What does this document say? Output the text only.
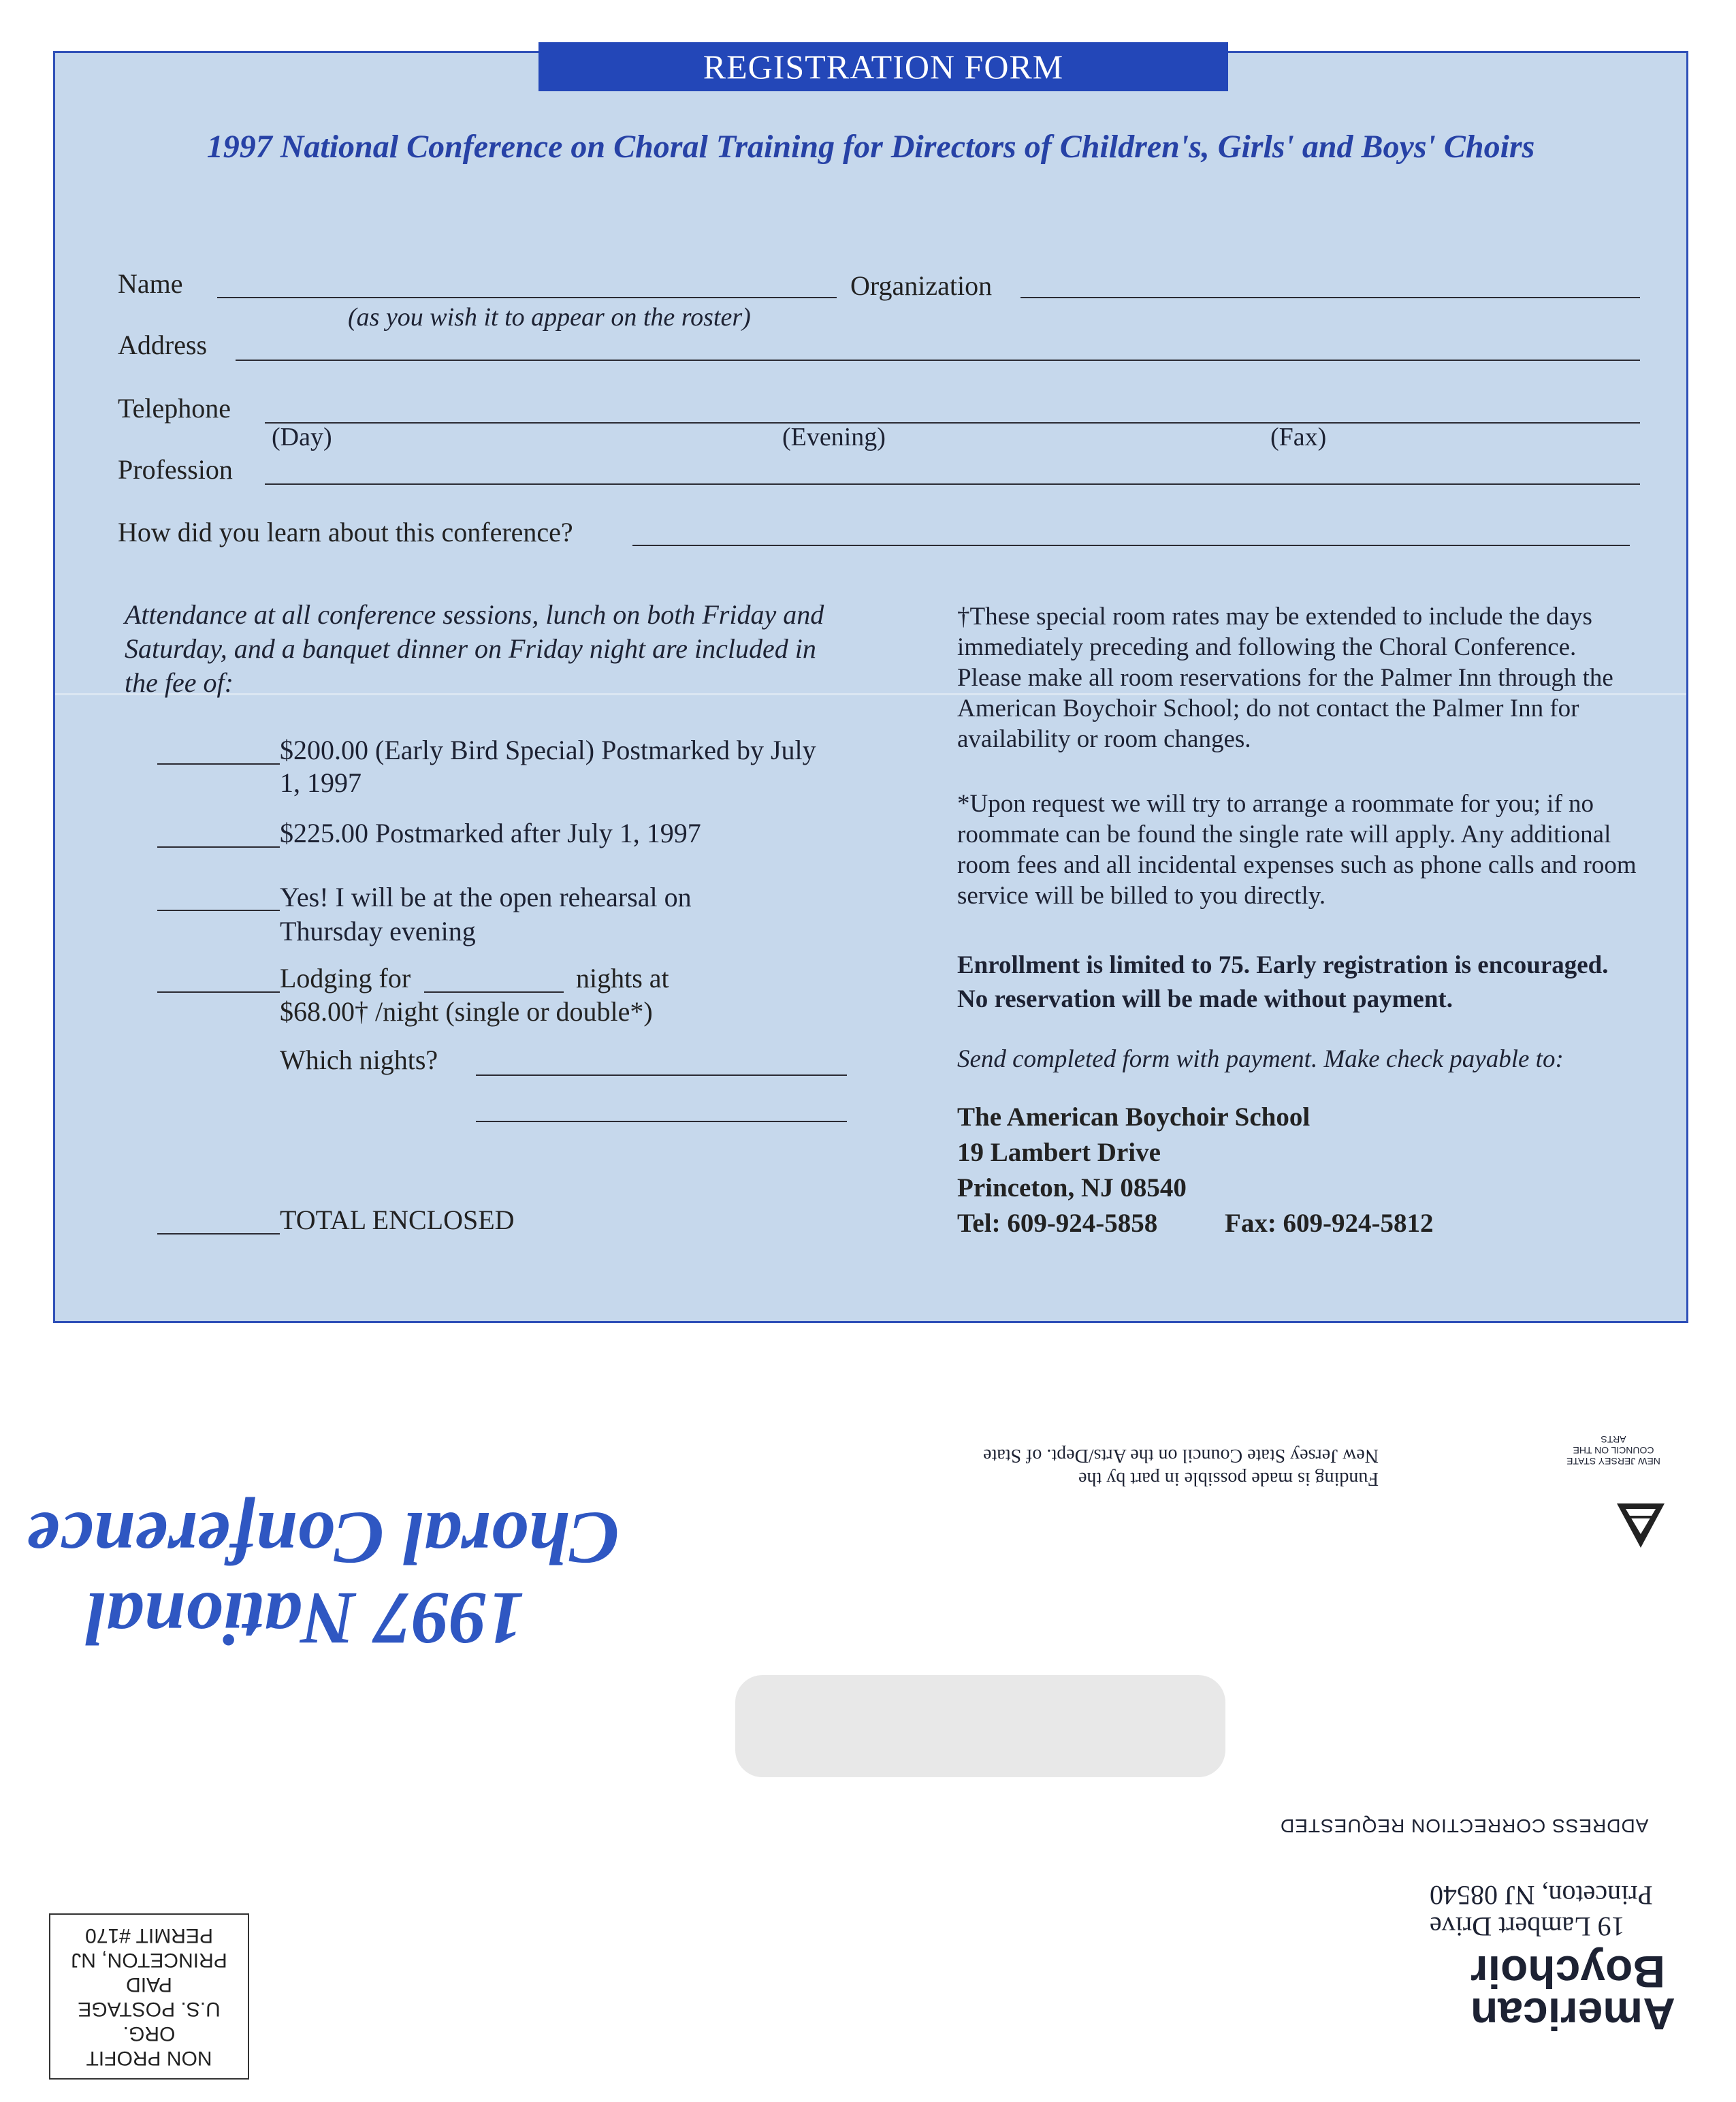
REGISTRATION FORM
1997 National Conference on Choral Training for Directors of Children's, Girls' and Boys' Choirs
Name	Organization
(as you wish it to appear on the roster)
Address
Telephone
(Day)	(Evening)	(Fax)
Profession
How did you learn about this conference?
Attendance at all conference sessions, lunch on both Friday and Saturday, and a banquet dinner on Friday night are included in the fee of:
$200.00 (Early Bird Special) Postmarked by July 1, 1997
$225.00 Postmarked after July 1, 1997
Yes! I will be at the open rehearsal on Thursday evening
Lodging for	nights at
$68.00† /night (single or double*)
Which nights?
TOTAL ENCLOSED
†These special room rates may be extended to include the days immediately preceding and following the Choral Conference. Please make all room reservations for the Palmer Inn through the American Boychoir School; do not contact the Palmer Inn for availability or room changes.
*Upon request we will try to arrange a roommate for you; if no roommate can be found the single rate will apply. Any additional room fees and all incidental expenses such as phone calls and room service will be billed to you directly.
Enrollment is limited to 75. Early registration is encouraged. No reservation will be made without payment.
Send completed form with payment. Make check payable to:
The American Boychoir School
19 Lambert Drive
Princeton, NJ 08540
Tel: 609-924-5858	Fax: 609-924-5812
1997 National
Choral Conference
Funding is made possible in part by the
New Jersey State Council on the Arts/Dept. of State	NEW JERSEY STATE COUNCIL ON THE ARTS
ADDRESS CORRECTION REQUESTED
19 Lambert Drive
Princeton, NJ 08540
American
Boychoir
NON PROFIT
ORG.
U.S. POSTAGE
PAID
PRINCETON, NJ
PERMIT #170
